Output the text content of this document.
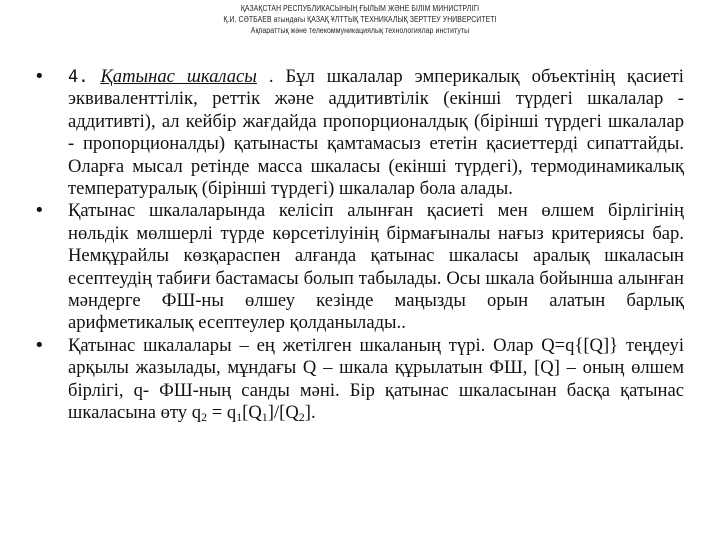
ҚАЗАҚСТАН РЕСПУБЛИКАСЫНЫҢ ҒЫЛЫМ ЖӘНЕ БІЛІМ МИНИСТРЛІГІ
Қ.И. СӘТБАЕВ атындағы ҚАЗАҚ ҰЛТТЫҚ ТЕХНИКАЛЫҚ ЗЕРТТЕУ УНИВЕРСИТЕТІ
Ақпараттық және телекоммуникациялық технологиялар институты

• 4. Қатынас шкаласы . Бұл шкалалар эмперикалық объектінің қасиеті эквиваленттілік, реттік және аддитивтілік (екінші түрдегі шкалалар - аддитивті), ал кейбір жағдайда пропорционалдық (бірінші түрдегі шкалалар - пропорционалды) қатынасты қамтамасыз ететін қасиеттерді сипаттайды. Оларға мысал ретінде масса шкаласы (екінші түрдегі), термодинамикалық температуралық (бірінші түрдегі) шкалалар бола алады.

• Қатынас шкалаларында келісіп алынған қасиеті мен өлшем бірлігінің нөльдік мөлшерлі түрде көрсетілуінің бірмағыналы нағыз критериясы бар. Немқұрайлы көзқараспен алғанда қатынас шкаласы аралық шкаласын есептеудің табиғи бастамасы болып табылады. Осы шкала бойынша алынған мәндерге ФШ-ны өлшеу кезінде маңызды орын алатын барлық арифметикалық есептеулер қолданылады..

• Қатынас шкалалары – ең жетілген шкаланың түрі. Олар Q=q{[Q]} теңдеуі арқылы жазылады, мұндағы Q – шкала құрылатын ФШ, [Q] – оның өлшем бірлігі, q- ФШ-ның санды мәні. Бір қатынас шкаласынан басқа қатынас шкаласына өту $q_2 = q_1[Q_1]/[Q_2]$.
